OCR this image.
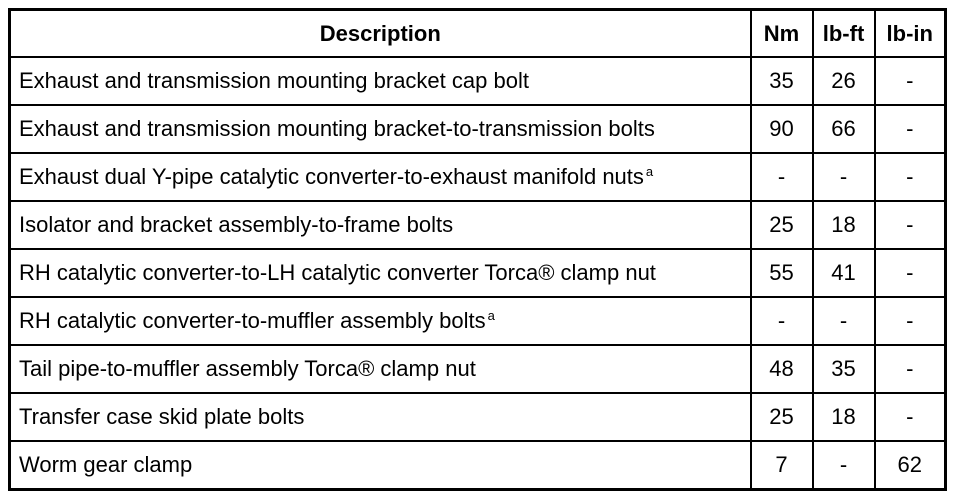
Description	Nm	lb-ft	lb-in
Exhaust and transmission mounting bracket cap bolt	35	26	-
Exhaust and transmission mounting bracket-to-transmission bolts	90	66	-
Exhaust dual Y-pipe catalytic converter-to-exhaust manifold nuts $^a$	-	-	-
Isolator and bracket assembly-to-frame bolts	25	18	-
RH catalytic converter-to-LH catalytic converter Torca® clamp nut	55	41	-
RH catalytic converter-to-muffler assembly bolts $^a$	-	-	-
Tail pipe-to-muffler assembly Torca® clamp nut	48	35	-
Transfer case skid plate bolts	25	18	-
Worm gear clamp	7	-	62
